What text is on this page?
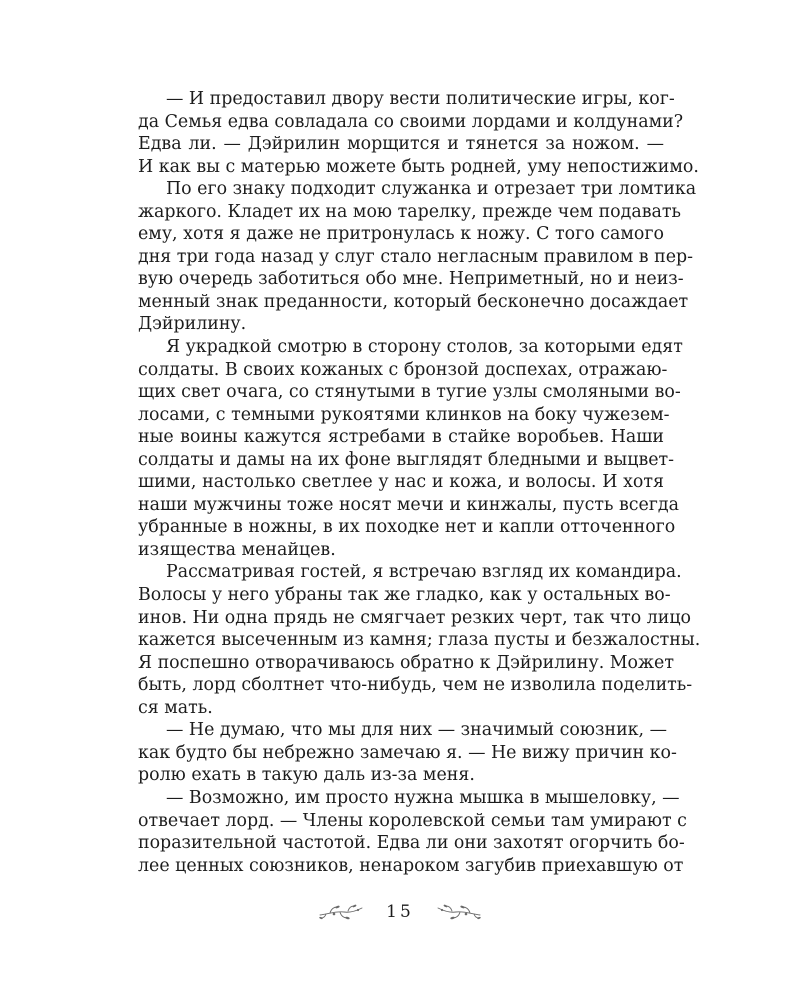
— И предоставил двору вести политические игры, ког-
да Семья едва совладала со своими лордами и колдунами?
Едва ли. — Дэйрилин морщится и тянется за ножом. —
И как вы с матерью можете быть родней, уму непостижимо.
По его знаку подходит служанка и отрезает три ломтика
жаркого. Кладет их на мою тарелку, прежде чем подавать
ему, хотя я даже не притронулась к ножу. С того самого
дня три года назад у слуг стало негласным правилом в пер-
вую очередь заботиться обо мне. Неприметный, но и неиз-
менный знак преданности, который бесконечно досаждает
Дэйрилину.
Я украдкой смотрю в сторону столов, за которыми едят
солдаты. В своих кожаных с бронзой доспехах, отражаю-
щих свет очага, со стянутыми в тугие узлы смоляными во-
лосами, с темными рукоятями клинков на боку чужезем-
ные воины кажутся ястребами в стайке воробьев. Наши
солдаты и дамы на их фоне выглядят бледными и выцвет-
шими, настолько светлее у нас и кожа, и волосы. И хотя
наши мужчины тоже носят мечи и кинжалы, пусть всегда
убранные в ножны, в их походке нет и капли отточенного
изящества менайцев.
Рассматривая гостей, я встречаю взгляд их командира.
Волосы у него убраны так же гладко, как у остальных во-
инов. Ни одна прядь не смягчает резких черт, так что лицо
кажется высеченным из камня; глаза пусты и безжалостны.
Я поспешно отворачиваюсь обратно к Дэйрилину. Может
быть, лорд сболтнет что-нибудь, чем не изволила поделить-
ся мать.
— Не думаю, что мы для них — значимый союзник, —
как будто бы небрежно замечаю я. — Не вижу причин ко-
ролю ехать в такую даль из-за меня.
— Возможно, им просто нужна мышка в мышеловку, —
отвечает лорд. — Члены королевской семьи там умирают с
поразительной частотой. Едва ли они захотят огорчить бо-
лее ценных союзников, ненароком загубив приехавшую от
15
